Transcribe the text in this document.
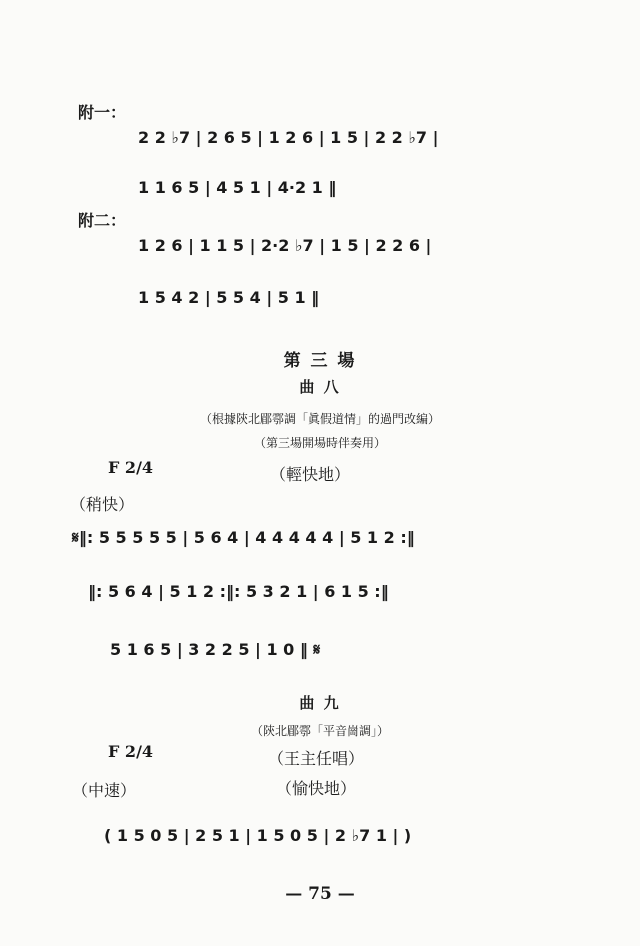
附一：
2 2 ♭7 | 2 6 5 | 1 2 6 | 1 5 | 2 2 ♭7 |
1 1 6 5 | 4 5 1 | 4·2 1 ‖
附二：
1 2 6 | 1 1 5 | 2·2 ♭7 | 1 5 | 2 2 6 |
1 5 4 2 | 5 5 4 | 5 1 ‖
第 三 場
曲 八
（根據陝北郿鄠調「眞假道情」的過門改編）
（第三場開場時伴奏用）
F 2/4	（輕快地）
（稍快）
𝄋‖: 5 5 5 5 5 | 5 6 4 | 4 4 4 4 4 | 5 1 2 :‖
‖: 5 6 4 | 5 1 2 :‖: 5 3 2 1 | 6 1 5 :‖
5 1 6 5 | 3 2 2 5 | 1 0 ‖ 𝄋
曲 九
（陝北郿鄠「平音崗調」）
F 2/4	（王主任唱）
（中速）	（愉快地）
( 1 5 0 5 | 2 5 1 | 1 5 0 5 | 2 ♭7 1 | )
— 75 —
